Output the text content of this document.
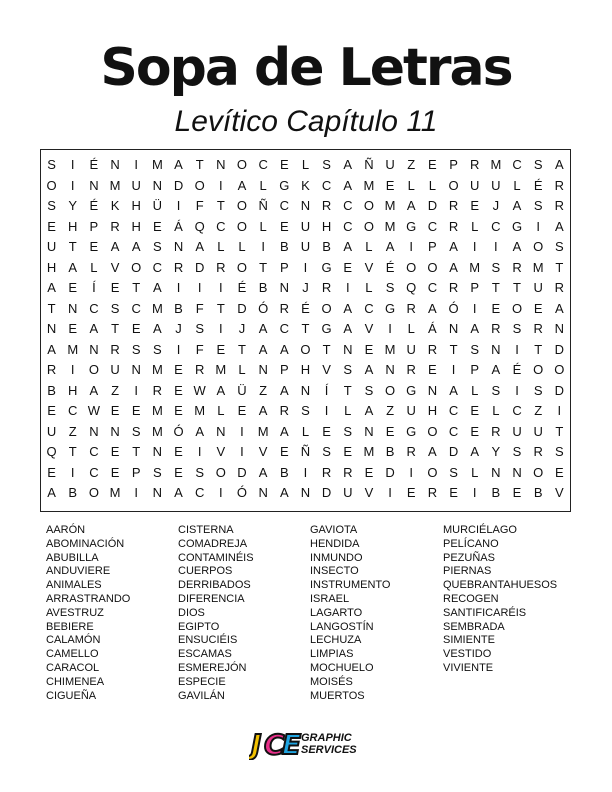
Sopa de Letras
Levítico Capítulo 11
S	I	É N	I	M A T N O C E	L	S A Ñ U Z E P R M C S A
O	I	N M U N D O	I	A	L G K C A M E	L	L O U U L	É R
S Y É K H Ü	I	F	T O Ñ C N R C O M A D R E	J	A S R
E H P R H E Á Q C O L	E U H C O M G C R L C G	I	A
U T E A A S N A	L	L	I	B U B A	L	A	I	P A	I	I	A O S
H A	L	V O C R D R O T P	I	G E V É O O A M S R M T
A E	Í	E T A	I	I	I	É B N	J	R	I	L	S Q C R P T	T U R
T N C S C M B F	T D Ó R É O A C G R A Ó	I	E O E A
N E A T E A	J	S	I	J	A C T G A V	I	L	Á N A R S R N
A M N R S S	I	F E T A A O T N E M U R T S N	I	T D
R	I	O U N M E R M L N P H V S A N R E	I	P A É O O
B H A Z	I	R E W A Ü Z A N	Í	T S O G N A	L	S	I	S D
E C W E E M E M L	E A R S	I	L	A Z U H C E	L C Z	I
U Z N N S M Ó A N	I	M A	L	E S N E G O C E R U U T
Q T C E T N E	I	V	I	V E Ñ S E M B R A D A Y S R S
E	I	C E P S E S O D A B	I	R R E D	I	O S	L N N O E
A B O M	I	N A C	I	Ó N A N D U V	I	E R E	I	B E B V
AARÓN
ABOMINACIÓN
ABUBILLA
ANDUVIERE
ANIMALES
ARRASTRANDO
AVESTRUZ
BEBIERE
CALAMÓN
CAMELLO
CARACOL
CHIMENEA
CIGUEÑA
CISTERNA
COMADREJA
CONTAMINÉIS
CUERPOS
DERRIBADOS
DIFERENCIA
DIOS
EGIPTO
ENSUCIÉIS
ESCAMAS
ESMEREJÓN
ESPECIE
GAVILÁN
GAVIOTA
HENDIDA
INMUNDO
INSECTO
INSTRUMENTO
ISRAEL
LAGARTO
LANGOSTÍN
LECHUZA
LIMPIAS
MOCHUELO
MOISÉS
MUERTOS
MURCIÉLAGO
PELÍCANO
PEZUÑAS
PIERNAS
QUEBRANTAHUESOS
RECOGEN
SANTIFICARÉIS
SEMBRADA
SIMIENTE
VESTIDO
VIVIENTE
J C
E GRAPHIC
SERVICES
